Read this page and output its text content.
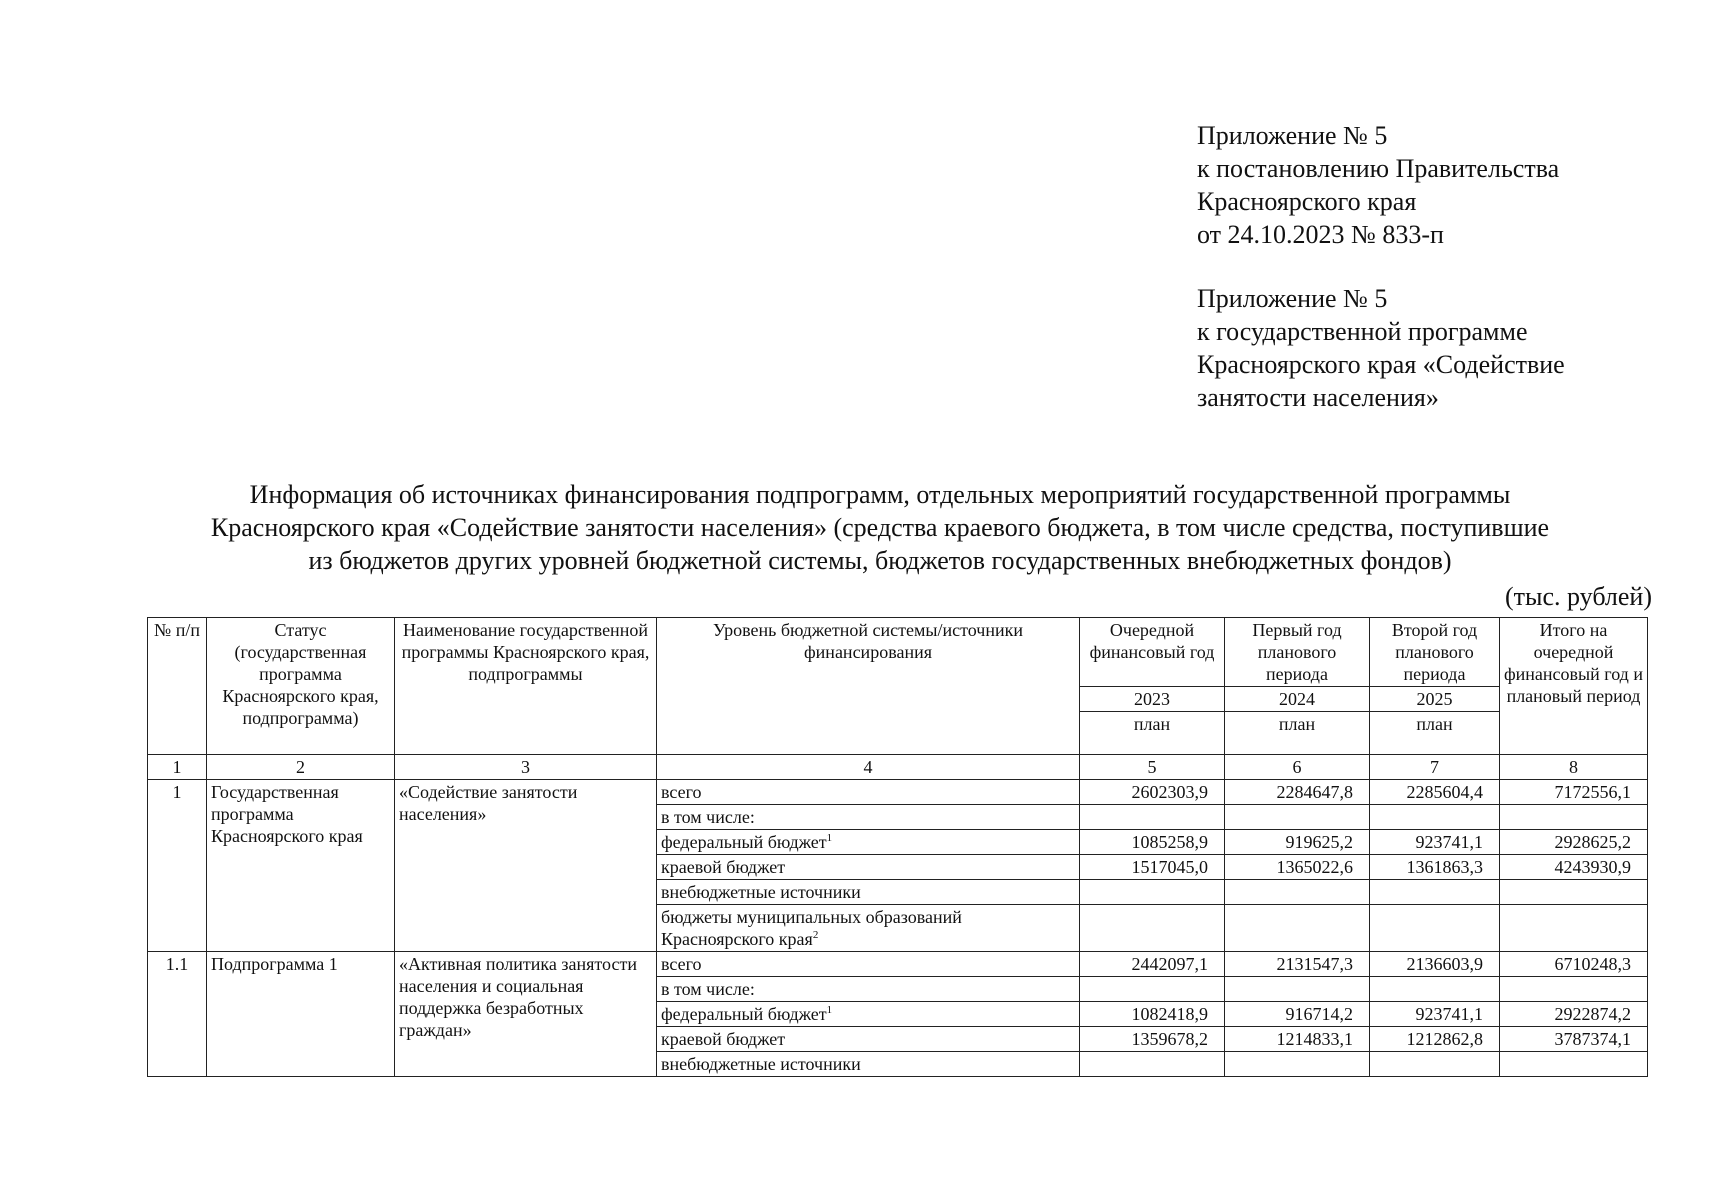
Приложение № 5
к постановлению Правительства
Красноярского края
от 24.10.2023 № 833-п
Приложение № 5
к государственной программе
Красноярского края «Содействие
занятости населения»
Информация об источниках финансирования подпрограмм, отдельных мероприятий государственной программы
Красноярского края «Содействие занятости населения» (средства краевого бюджета, в том числе средства, поступившие
из бюджетов других уровней бюджетной системы, бюджетов государственных внебюджетных фондов)
(тыс. рублей)
№ п/п	Статус (государственная программа Красноярского края, подпрограмма)	Наименование государственной программы Красноярского края, подпрограммы	Уровень бюджетной системы/источники финансирования	Очередной финансовый год	Первый год планового периода	Второй год планового периода	Итого на очередной финансовый год и плановый период
				2023	2024	2025	
				план	план	план	
1	2	3	4	5	6	7	8
1	Государственная программа Красноярского края	«Содействие занятости населения»	всего	2602303,9	2284647,8	2285604,4	7172556,1
			в том числе:				
			федеральный бюджет$^1$	1085258,9	919625,2	923741,1	2928625,2
			краевой бюджет	1517045,0	1365022,6	1361863,3	4243930,9
			внебюджетные источники				
			бюджеты муниципальных образований Красноярского края$^2$				
1.1	Подпрограмма 1	«Активная политика занятости населения и социальная поддержка безработных граждан»	всего	2442097,1	2131547,3	2136603,9	6710248,3
			в том числе:				
			федеральный бюджет$^1$	1082418,9	916714,2	923741,1	2922874,2
			краевой бюджет	1359678,2	1214833,1	1212862,8	3787374,1
			внебюджетные источники				
